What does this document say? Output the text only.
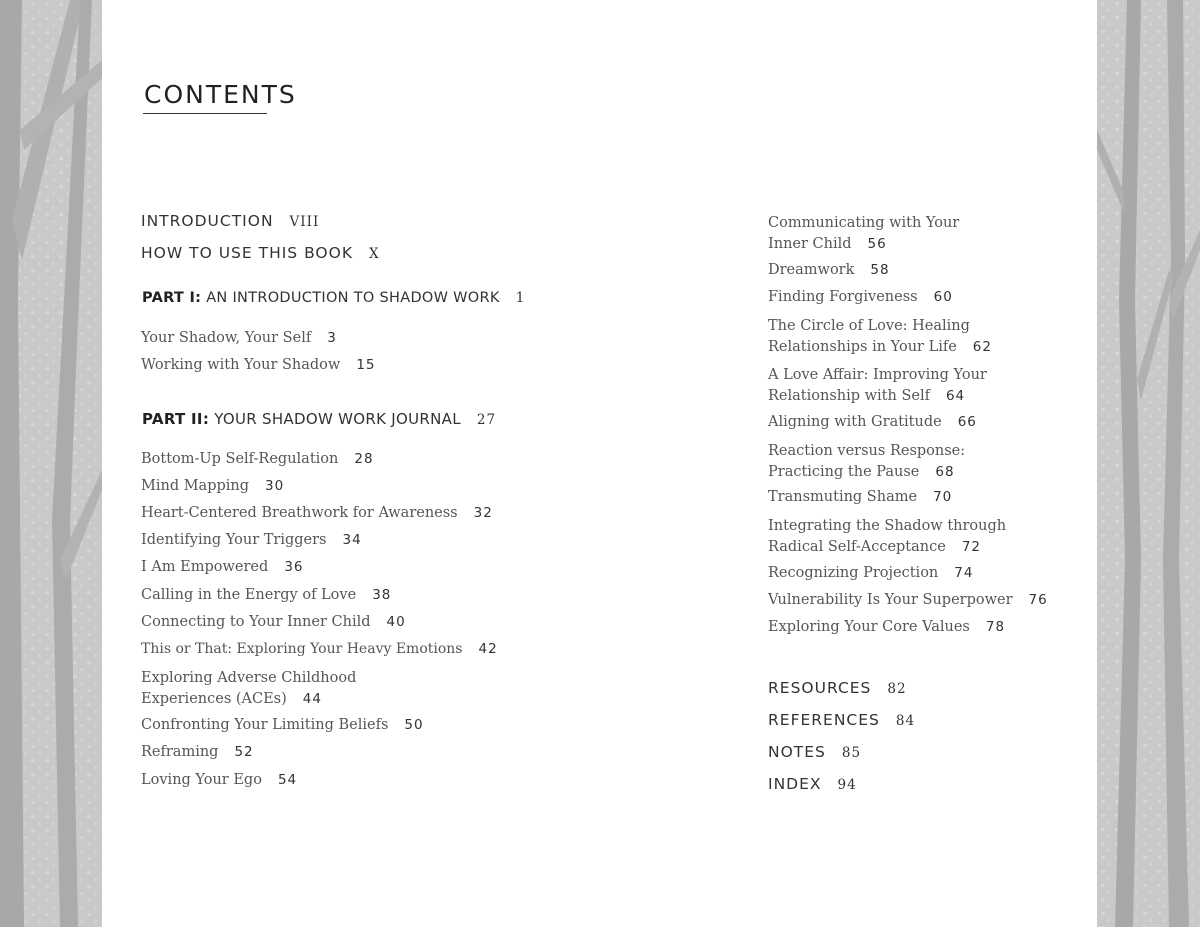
CONTENTS
INTRODUCTION VIII
HOW TO USE THIS BOOK X
PART I: AN INTRODUCTION TO SHADOW WORK 1
Your Shadow, Your Self 3
Working with Your Shadow 15
PART II: YOUR SHADOW WORK JOURNAL 27
Bottom-Up Self-Regulation 28
Mind Mapping 30
Heart-Centered Breathwork for Awareness 32
Identifying Your Triggers 34
I Am Empowered 36
Calling in the Energy of Love 38
Connecting to Your Inner Child 40
This or That: Exploring Your Heavy Emotions 42
Exploring Adverse Childhood
Experiences (ACEs) 44
Confronting Your Limiting Beliefs 50
Reframing 52
Loving Your Ego 54
Communicating with Your
Inner Child 56
Dreamwork 58
Finding Forgiveness 60
The Circle of Love: Healing
Relationships in Your Life 62
A Love Affair: Improving Your
Relationship with Self 64
Aligning with Gratitude 66
Reaction versus Response:
Practicing the Pause 68
Transmuting Shame 70
Integrating the Shadow through
Radical Self-Acceptance 72
Recognizing Projection 74
Vulnerability Is Your Superpower 76
Exploring Your Core Values 78
RESOURCES 82
REFERENCES 84
NOTES 85
INDEX 94
